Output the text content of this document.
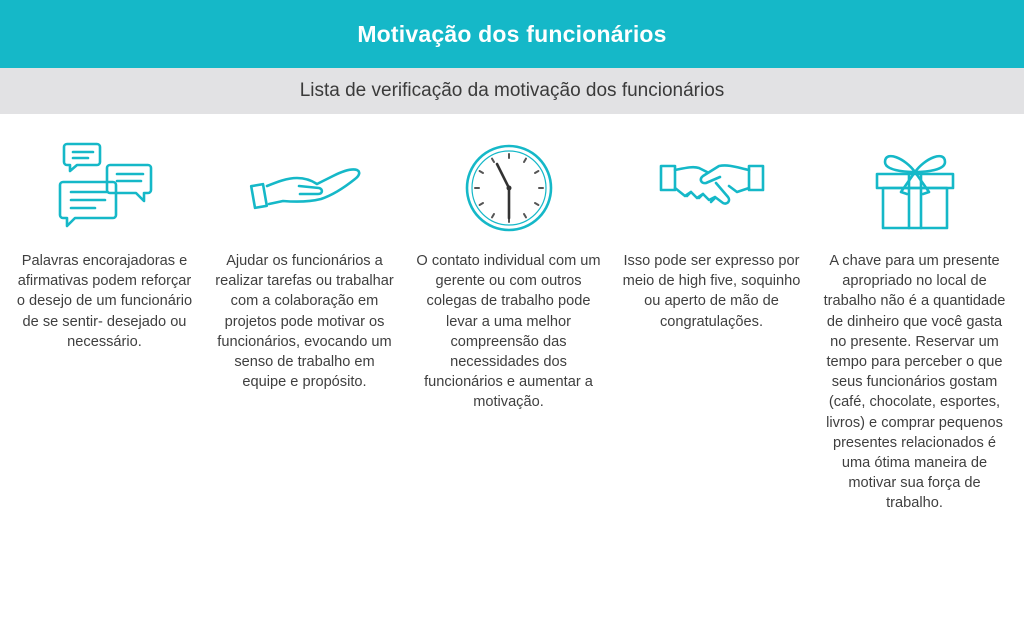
Motivação dos funcionários
Lista de verificação da motivação dos funcionários

Palavras encorajadoras e afirmativas podem reforçar o desejo de um funcionário de se sentir- desejado ou necessário.

Ajudar os funcionários a realizar tarefas ou trabalhar com a colaboração em projetos pode motivar os funcionários, evocando um senso de trabalho em equipe e propósito.

O contato individual com um gerente ou com outros colegas de trabalho pode levar a uma melhor compreensão das necessidades dos funcionários e aumentar a motivação.

Isso pode ser expresso por meio de high five, soquinho ou aperto de mão de congratulações.

A chave para um presente apropriado no local de trabalho não é a quantidade de dinheiro que você gasta no presente. Reservar um tempo para perceber o que seus funcionários gostam (café, chocolate, esportes, livros) e comprar pequenos presentes relacionados é uma ótima maneira de motivar sua força de trabalho.
